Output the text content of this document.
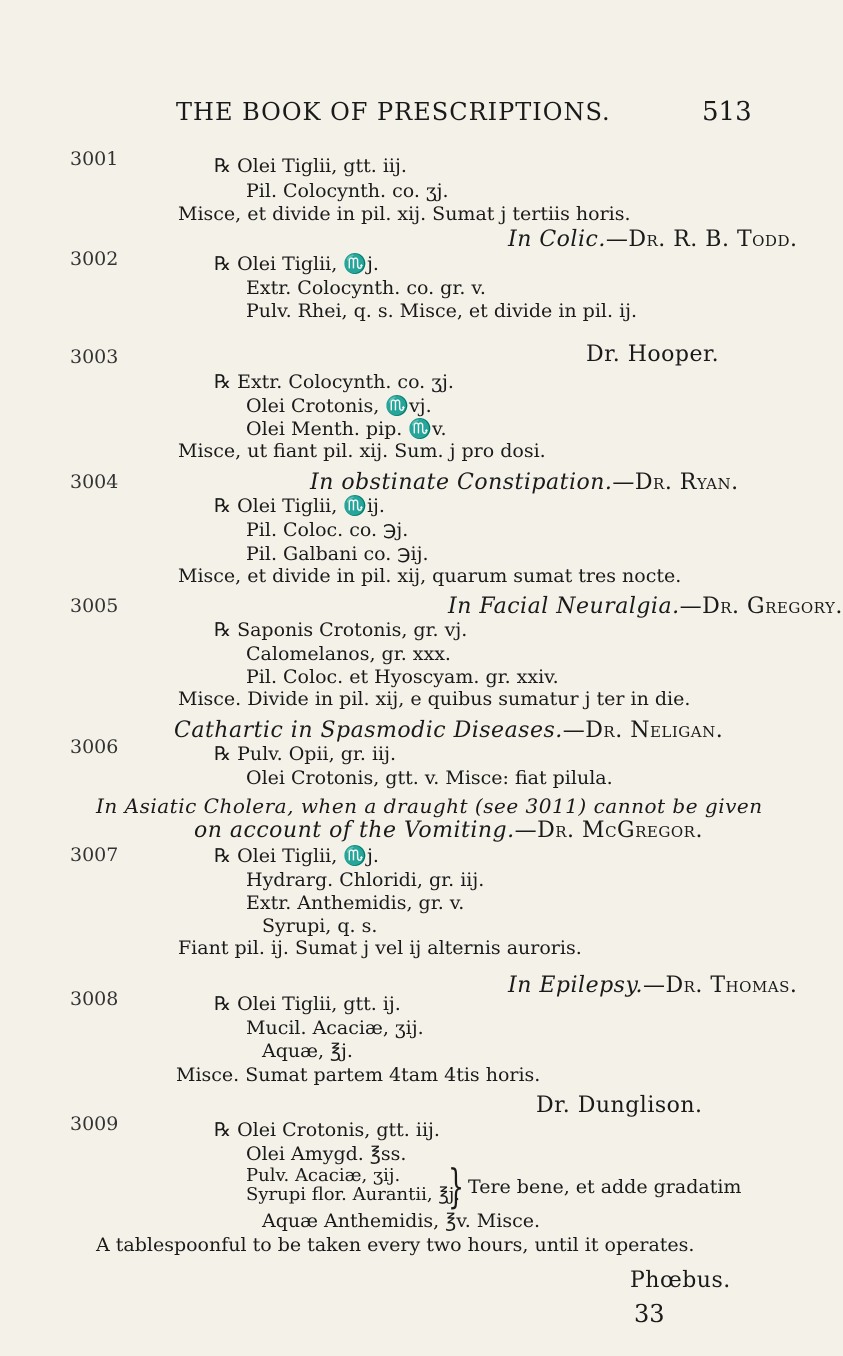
THE BOOK OF PRESCRIPTIONS.	513
3001	℞ Olei Tiglii, gtt. iij.
Pil. Colocynth. co. ʒj.
Misce, et divide in pil. xij. Sumat j tertiis horis.
In Colic.—Dr. R. B. Todd.
3002	℞ Olei Tiglii, ♏j.
Extr. Colocynth. co. gr. v.
Pulv. Rhei, q. s. Misce, et divide in pil. ij.
Dr. Hooper.
3003
℞ Extr. Colocynth. co. ʒj.
Olei Crotonis, ♏vj.
Olei Menth. pip. ♏v.
Misce, ut fiant pil. xij. Sum. j pro dosi.
In obstinate Constipation.—Dr. Ryan.
3004
℞ Olei Tiglii, ♏ij.
Pil. Coloc. co. ℈j.
Pil. Galbani co. ℈ij.
Misce, et divide in pil. xij, quarum sumat tres nocte.
In Facial Neuralgia.—Dr. Gregory.
3005
℞ Saponis Crotonis, gr. vj.
Calomelanos, gr. xxx.
Pil. Coloc. et Hyoscyam. gr. xxiv.
Misce. Divide in pil. xij, e quibus sumatur j ter in die.
Cathartic in Spasmodic Diseases.—Dr. Neligan.
3006	℞ Pulv. Opii, gr. iij.
Olei Crotonis, gtt. v. Misce: fiat pilula.
In Asiatic Cholera, when a draught (see 3011) cannot be given
on account of the Vomiting.—Dr. McGregor.
3007	℞ Olei Tiglii, ♏j.
Hydrarg. Chloridi, gr. iij.
Extr. Anthemidis, gr. v.
Syrupi, q. s.
Fiant pil. ij. Sumat j vel ij alternis auroris.
In Epilepsy.—Dr. Thomas.
3008	℞ Olei Tiglii, gtt. ij.
Mucil. Acaciæ, ʒij.
Aquæ, ℥j.
Misce. Sumat partem 4tam 4tis horis.
Dr. Dunglison.
3009	℞ Olei Crotonis, gtt. iij.
Olei Amygd. ℥ss.
Pulv. Acaciæ, ʒij.
Syrupi flor. Aurantii, ℥j.
} Tere bene, et adde gradatim
Aquæ Anthemidis, ℥v. Misce.
A tablespoonful to be taken every two hours, until it operates.
Phœbus.
33
